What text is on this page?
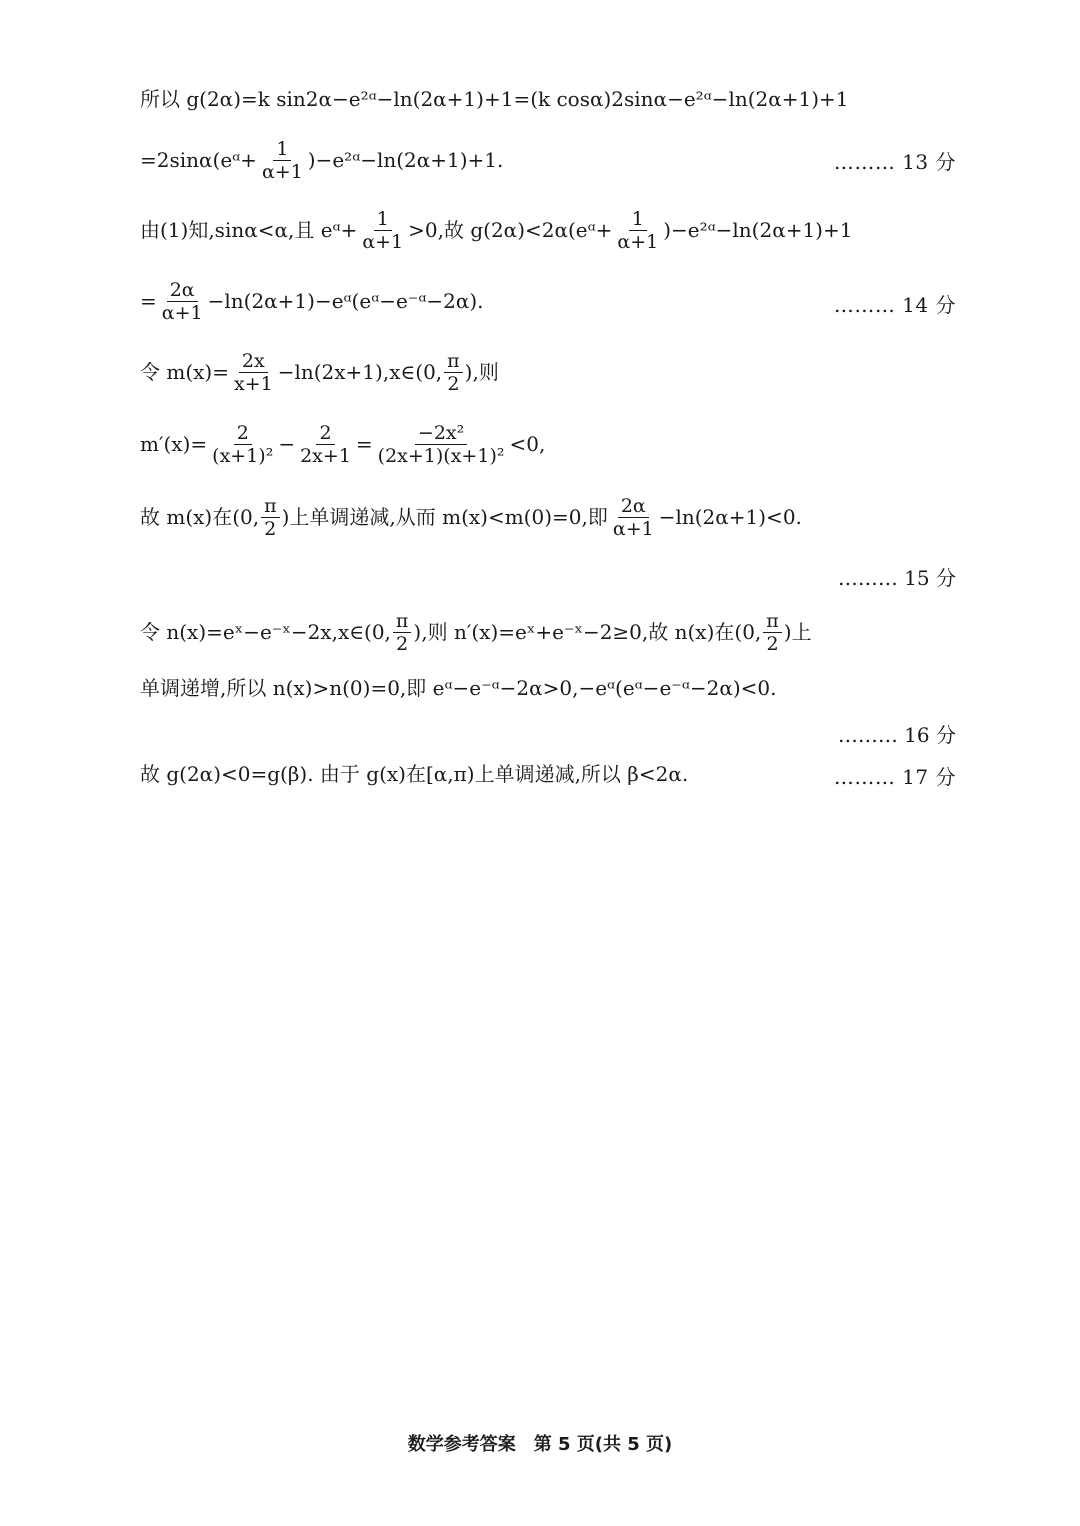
所以 g(2α)=k sin2α−e²ᵅ−ln(2α+1)+1=(k cosα)2sinα−e²ᵅ−ln(2α+1)+1
=2sinα(eᵅ+ $\frac{1}{\alpha+1}$ )−e²ᵅ−ln(2α+1)+1.	……… 13 分
由(1)知,sinα<α,且 eᵅ+ $\frac{1}{\alpha+1} >0$,故 g(2α)<2α(eᵅ+ $\frac{1}{\alpha+1}$ )−e²ᵅ−ln(2α+1)+1
= $\frac{2\alpha}{\alpha+1}$ −ln(2α+1)−eᵅ(eᵅ−e⁻ᵅ−2α).	……… 14 分
令 $m(x)= \frac{2x}{x+1}$ −ln(2x+1),x∈(0, $\frac{\pi}{2}$ ),则
$m'(x)= \frac{2}{\text{(x+1)²}} - \frac{2}{2x+1} = \frac{\text{−2x²}}{\text{(2x+1)(x+1)²}} <0$,
故 m(x)在(0, $\frac{\pi}{2}$ )上单调递减,从而 m(x)<m(0)=0,即 $\frac{2\alpha}{\alpha+1} -\ln(2\alpha+1)<0$.
……… 15 分
令 n(x)=eˣ−e⁻ˣ−2x,x∈(0, $\frac{\pi}{2}$ ),则 n′(x)=eˣ+e⁻ˣ−2≥0,故 n(x)在(0, $\frac{\pi}{2}$ )上
单调递增,所以 n(x)>n(0)=0,即 eᵅ−e⁻ᵅ−2α>0,−eᵅ(eᵅ−e⁻ᵅ−2α)<0.
……… 16 分
故 g(2α)<0=g(β). 由于 g(x)在[α,π)上单调递减,所以 β<2α.	……… 17 分
数学参考答案　第 5 页(共 5 页)
